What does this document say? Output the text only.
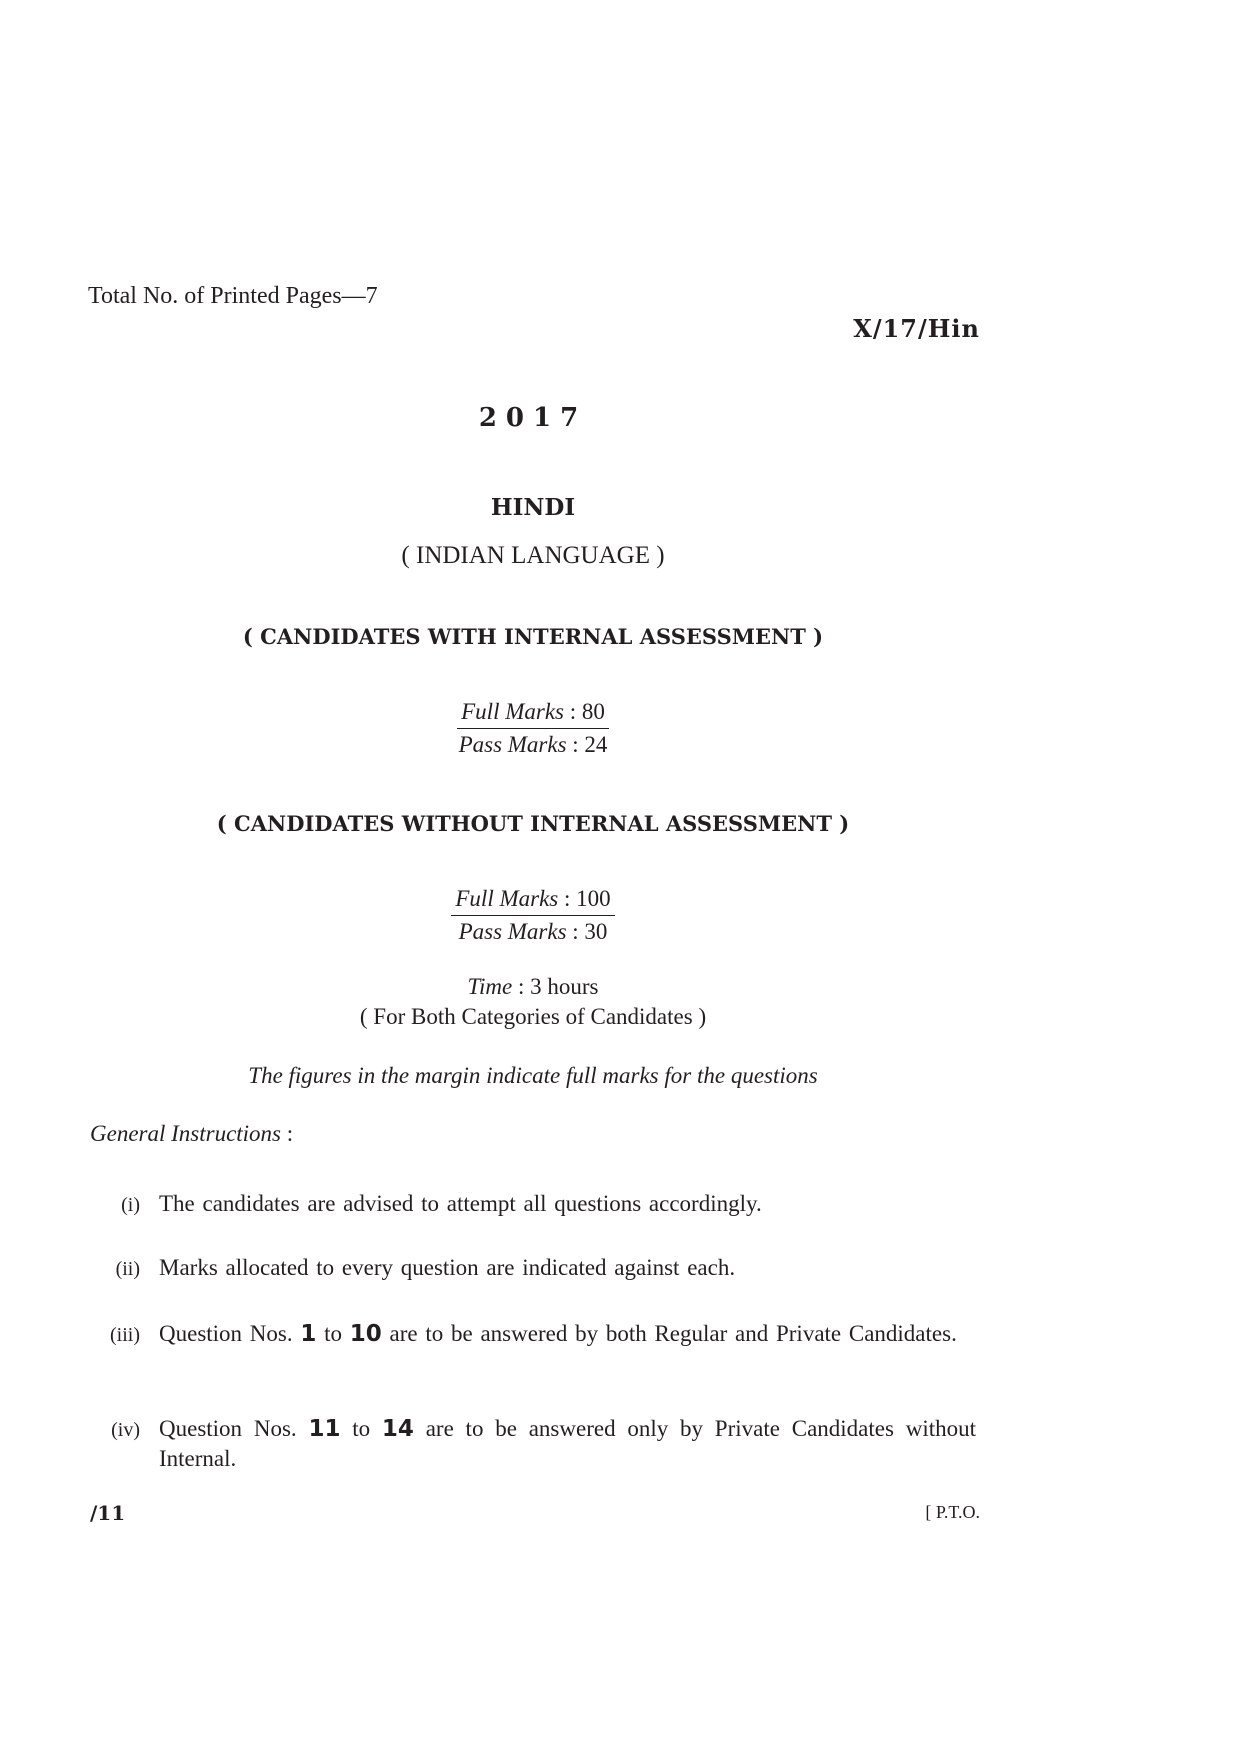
Total No. of Printed Pages—7
X/17/Hin
2017
HINDI
( INDIAN LANGUAGE )
( CANDIDATES WITH INTERNAL ASSESSMENT )
Full Marks : 80
Pass Marks : 24
( CANDIDATES WITHOUT INTERNAL ASSESSMENT )
Full Marks : 100
Pass Marks : 30
Time : 3 hours
( For Both Categories of Candidates )
The figures in the margin indicate full marks for the questions
General Instructions :
(i) The candidates are advised to attempt all questions accordingly.
(ii) Marks allocated to every question are indicated against each.
(iii) Question Nos. 1 to 10 are to be answered by both Regular and Private Candidates.
(iv) Question Nos. 11 to 14 are to be answered only by Private Candidates without Internal.
/11	[ P.T.O.
